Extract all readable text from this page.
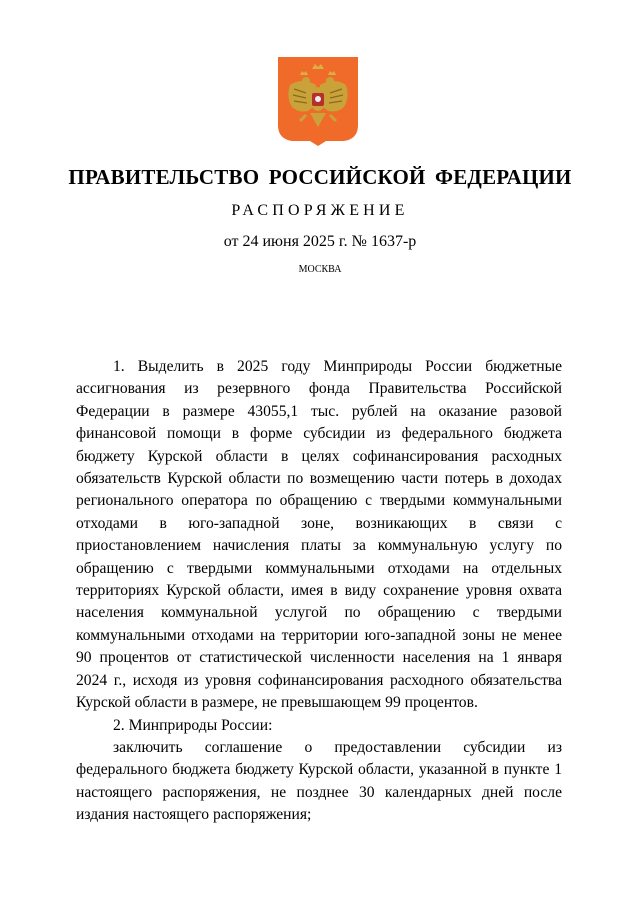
ПРАВИТЕЛЬСТВО РОССИЙСКОЙ ФЕДЕРАЦИИ
РАСПОРЯЖЕНИЕ
от 24 июня 2025 г. № 1637-р
МОСКВА

1. Выделить в 2025 году Минприроды России бюджетные ассигнования из резервного фонда Правительства Российской Федерации в размере 43055,1 тыс. рублей на оказание разовой финансовой помощи в форме субсидии из федерального бюджета бюджету Курской области в целях софинансирования расходных обязательств Курской области по возмещению части потерь в доходах регионального оператора по обращению с твердыми коммунальными отходами в юго-западной зоне, возникающих в связи с приостановлением начисления платы за коммунальную услугу по обращению с твердыми коммунальными отходами на отдельных территориях Курской области, имея в виду сохранение уровня охвата населения коммунальной услугой по обращению с твердыми коммунальными отходами на территории юго-западной зоны не менее 90 процентов от статистической численности населения на 1 января 2024 г., исходя из уровня софинансирования расходного обязательства Курской области в размере, не превышающем 99 процентов.

2. Минприроды России:

заключить соглашение о предоставлении субсидии из федерального бюджета бюджету Курской области, указанной в пункте 1 настоящего распоряжения, не позднее 30 календарных дней после издания настоящего распоряжения;
